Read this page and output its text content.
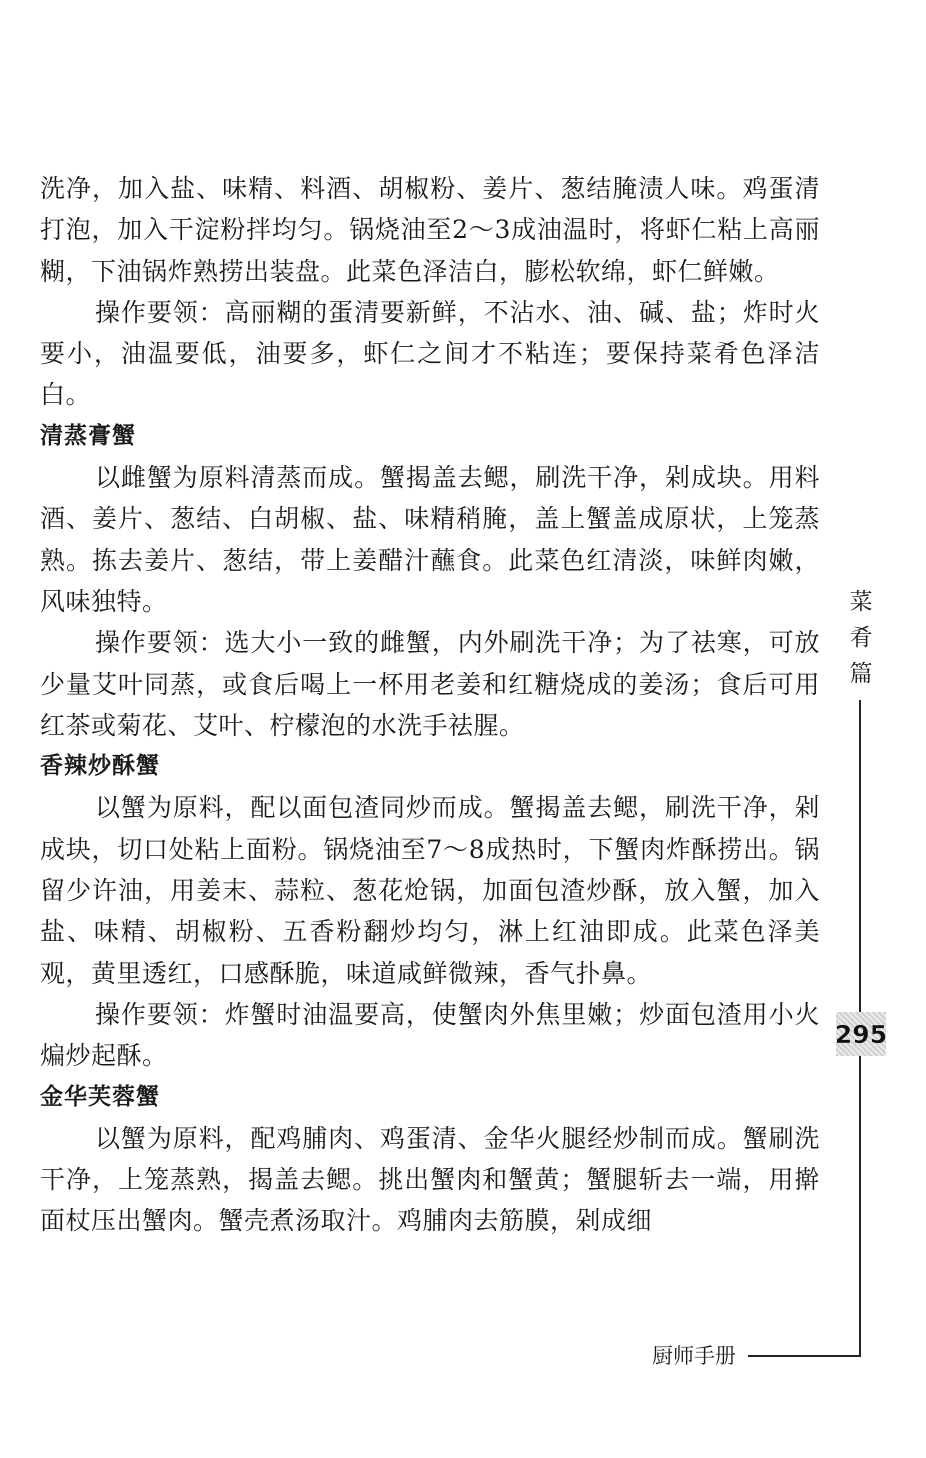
洗净，加入盐、味精、料酒、胡椒粉、姜片、葱结腌渍人味。鸡蛋清打泡，加入干淀粉拌均匀。锅烧油至2～3成油温时，将虾仁粘上高丽糊，下油锅炸熟捞出装盘。此菜色泽洁白，膨松软绵，虾仁鲜嫩。

操作要领：高丽糊的蛋清要新鲜，不沾水、油、碱、盐；炸时火要小，油温要低，油要多，虾仁之间才不粘连；要保持菜肴色泽洁白。

清蒸膏蟹

以雌蟹为原料清蒸而成。蟹揭盖去鳃，刷洗干净，剁成块。用料酒、姜片、葱结、白胡椒、盐、味精稍腌，盖上蟹盖成原状，上笼蒸熟。拣去姜片、葱结，带上姜醋汁蘸食。此菜色红清淡，味鲜肉嫩，风味独特。

操作要领：选大小一致的雌蟹，内外刷洗干净；为了祛寒，可放少量艾叶同蒸，或食后喝上一杯用老姜和红糖烧成的姜汤；食后可用红茶或菊花、艾叶、柠檬泡的水洗手祛腥。

香辣炒酥蟹

以蟹为原料，配以面包渣同炒而成。蟹揭盖去鳃，刷洗干净，剁成块，切口处粘上面粉。锅烧油至7～8成热时，下蟹肉炸酥捞出。锅留少许油，用姜末、蒜粒、葱花炝锅，加面包渣炒酥，放入蟹，加入盐、味精、胡椒粉、五香粉翻炒均匀，淋上红油即成。此菜色泽美观，黄里透红，口感酥脆，味道咸鲜微辣，香气扑鼻。

操作要领：炸蟹时油温要高，使蟹肉外焦里嫩；炒面包渣用小火煸炒起酥。

金华芙蓉蟹

以蟹为原料，配鸡脯肉、鸡蛋清、金华火腿经炒制而成。蟹刷洗干净，上笼蒸熟，揭盖去鳃。挑出蟹肉和蟹黄；蟹腿斩去一端，用擀面杖压出蟹肉。蟹壳煮汤取汁。鸡脯肉去筋膜，剁成细

菜
肴
篇
295
厨师手册
